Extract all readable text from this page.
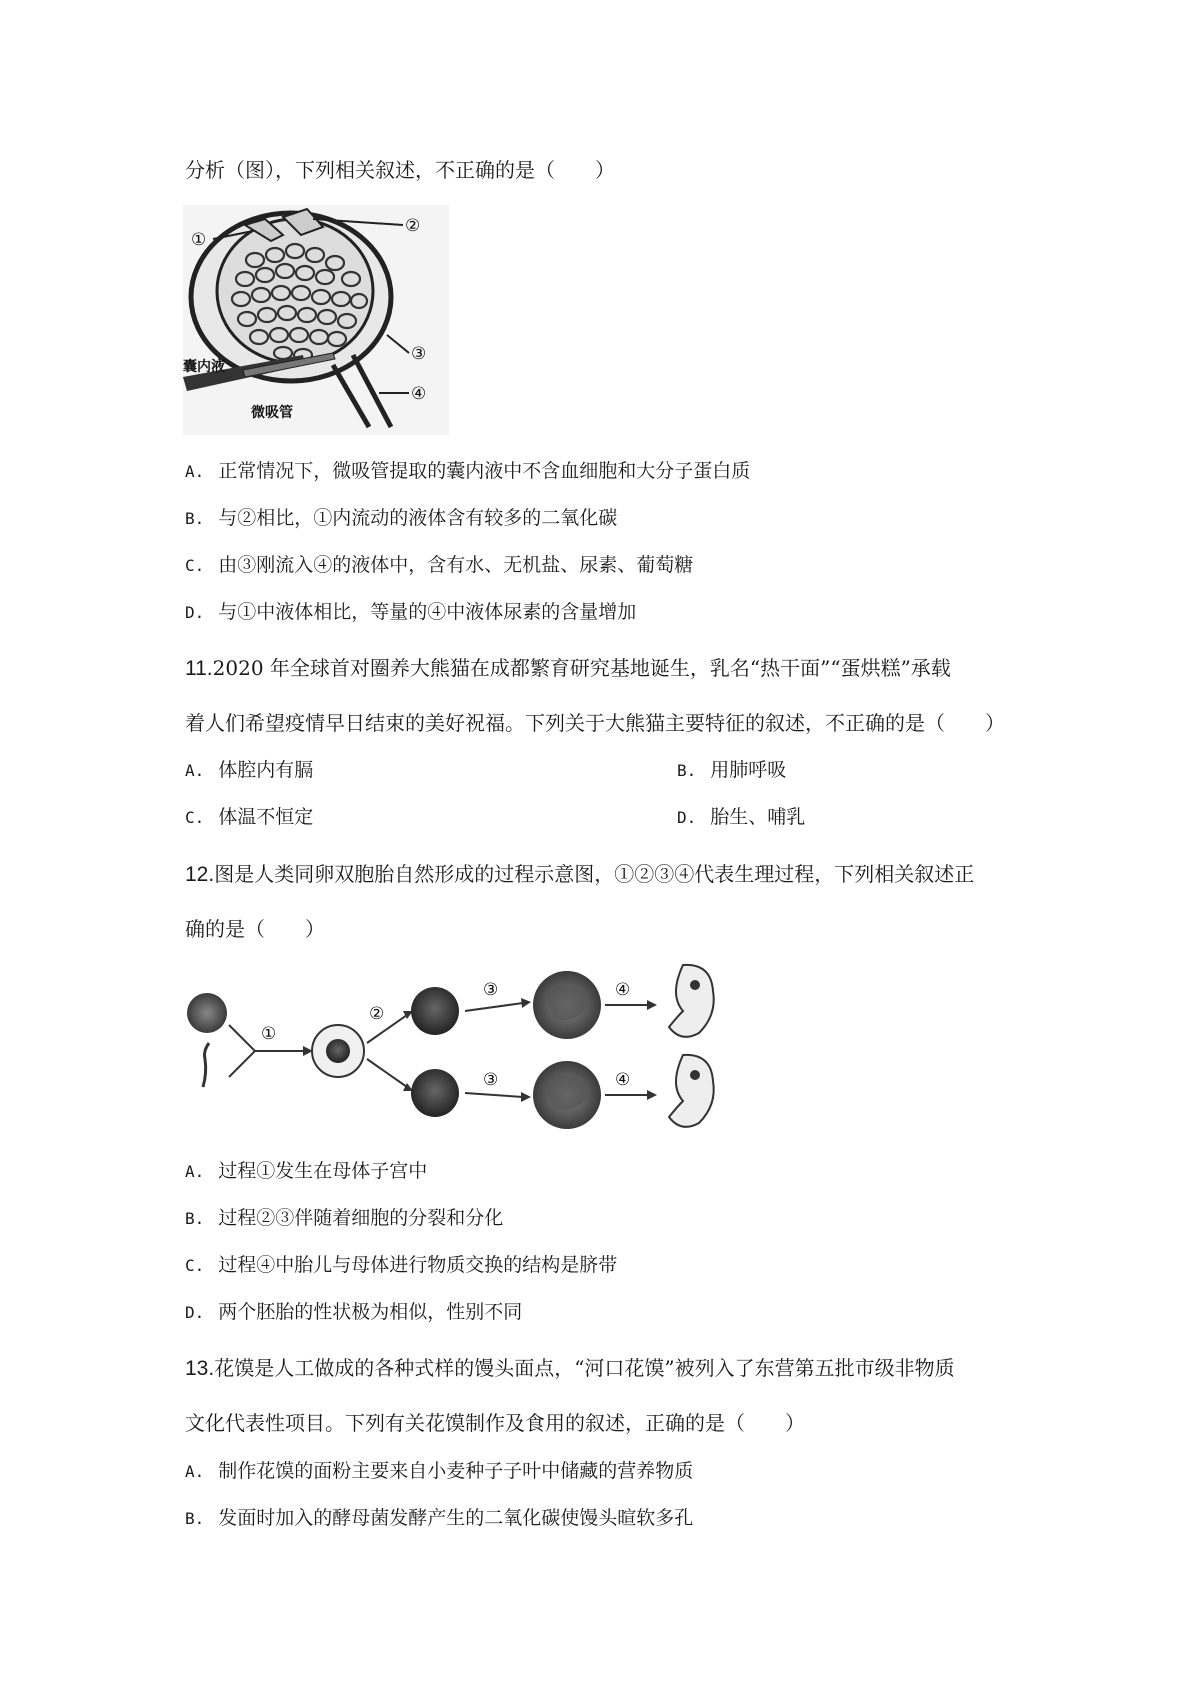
分析（图），下列相关叙述，不正确的是（　　）
①
②
③
④
囊内液
微吸管
A. 正常情况下，微吸管提取的囊内液中不含血细胞和大分子蛋白质
B. 与②相比，①内流动的液体含有较多的二氧化碳
C. 由③刚流入④的液体中，含有水、无机盐、尿素、葡萄糖
D. 与①中液体相比，等量的④中液体尿素的含量增加
11.2020 年全球首对圈养大熊猫在成都繁育研究基地诞生，乳名“热干面”“蛋烘糕”承载
着人们希望疫情早日结束的美好祝福。下列关于大熊猫主要特征的叙述，不正确的是（　　）
A. 体腔内有膈	B. 用肺呼吸
C. 体温不恒定	D. 胎生、哺乳
12.图是人类同卵双胞胎自然形成的过程示意图，①②③④代表生理过程，下列相关叙述正
确的是（　　）
①
②
③
③
④
④
A. 过程①发生在母体子宫中
B. 过程②③伴随着细胞的分裂和分化
C. 过程④中胎儿与母体进行物质交换的结构是脐带
D. 两个胚胎的性状极为相似，性别不同
13.花馍是人工做成的各种式样的馒头面点，“河口花馍”被列入了东营第五批市级非物质
文化代表性项目。下列有关花馍制作及食用的叙述，正确的是（　　）
A. 制作花馍的面粉主要来自小麦种子子叶中储藏的营养物质
B. 发面时加入的酵母菌发酵产生的二氧化碳使馒头暄软多孔
